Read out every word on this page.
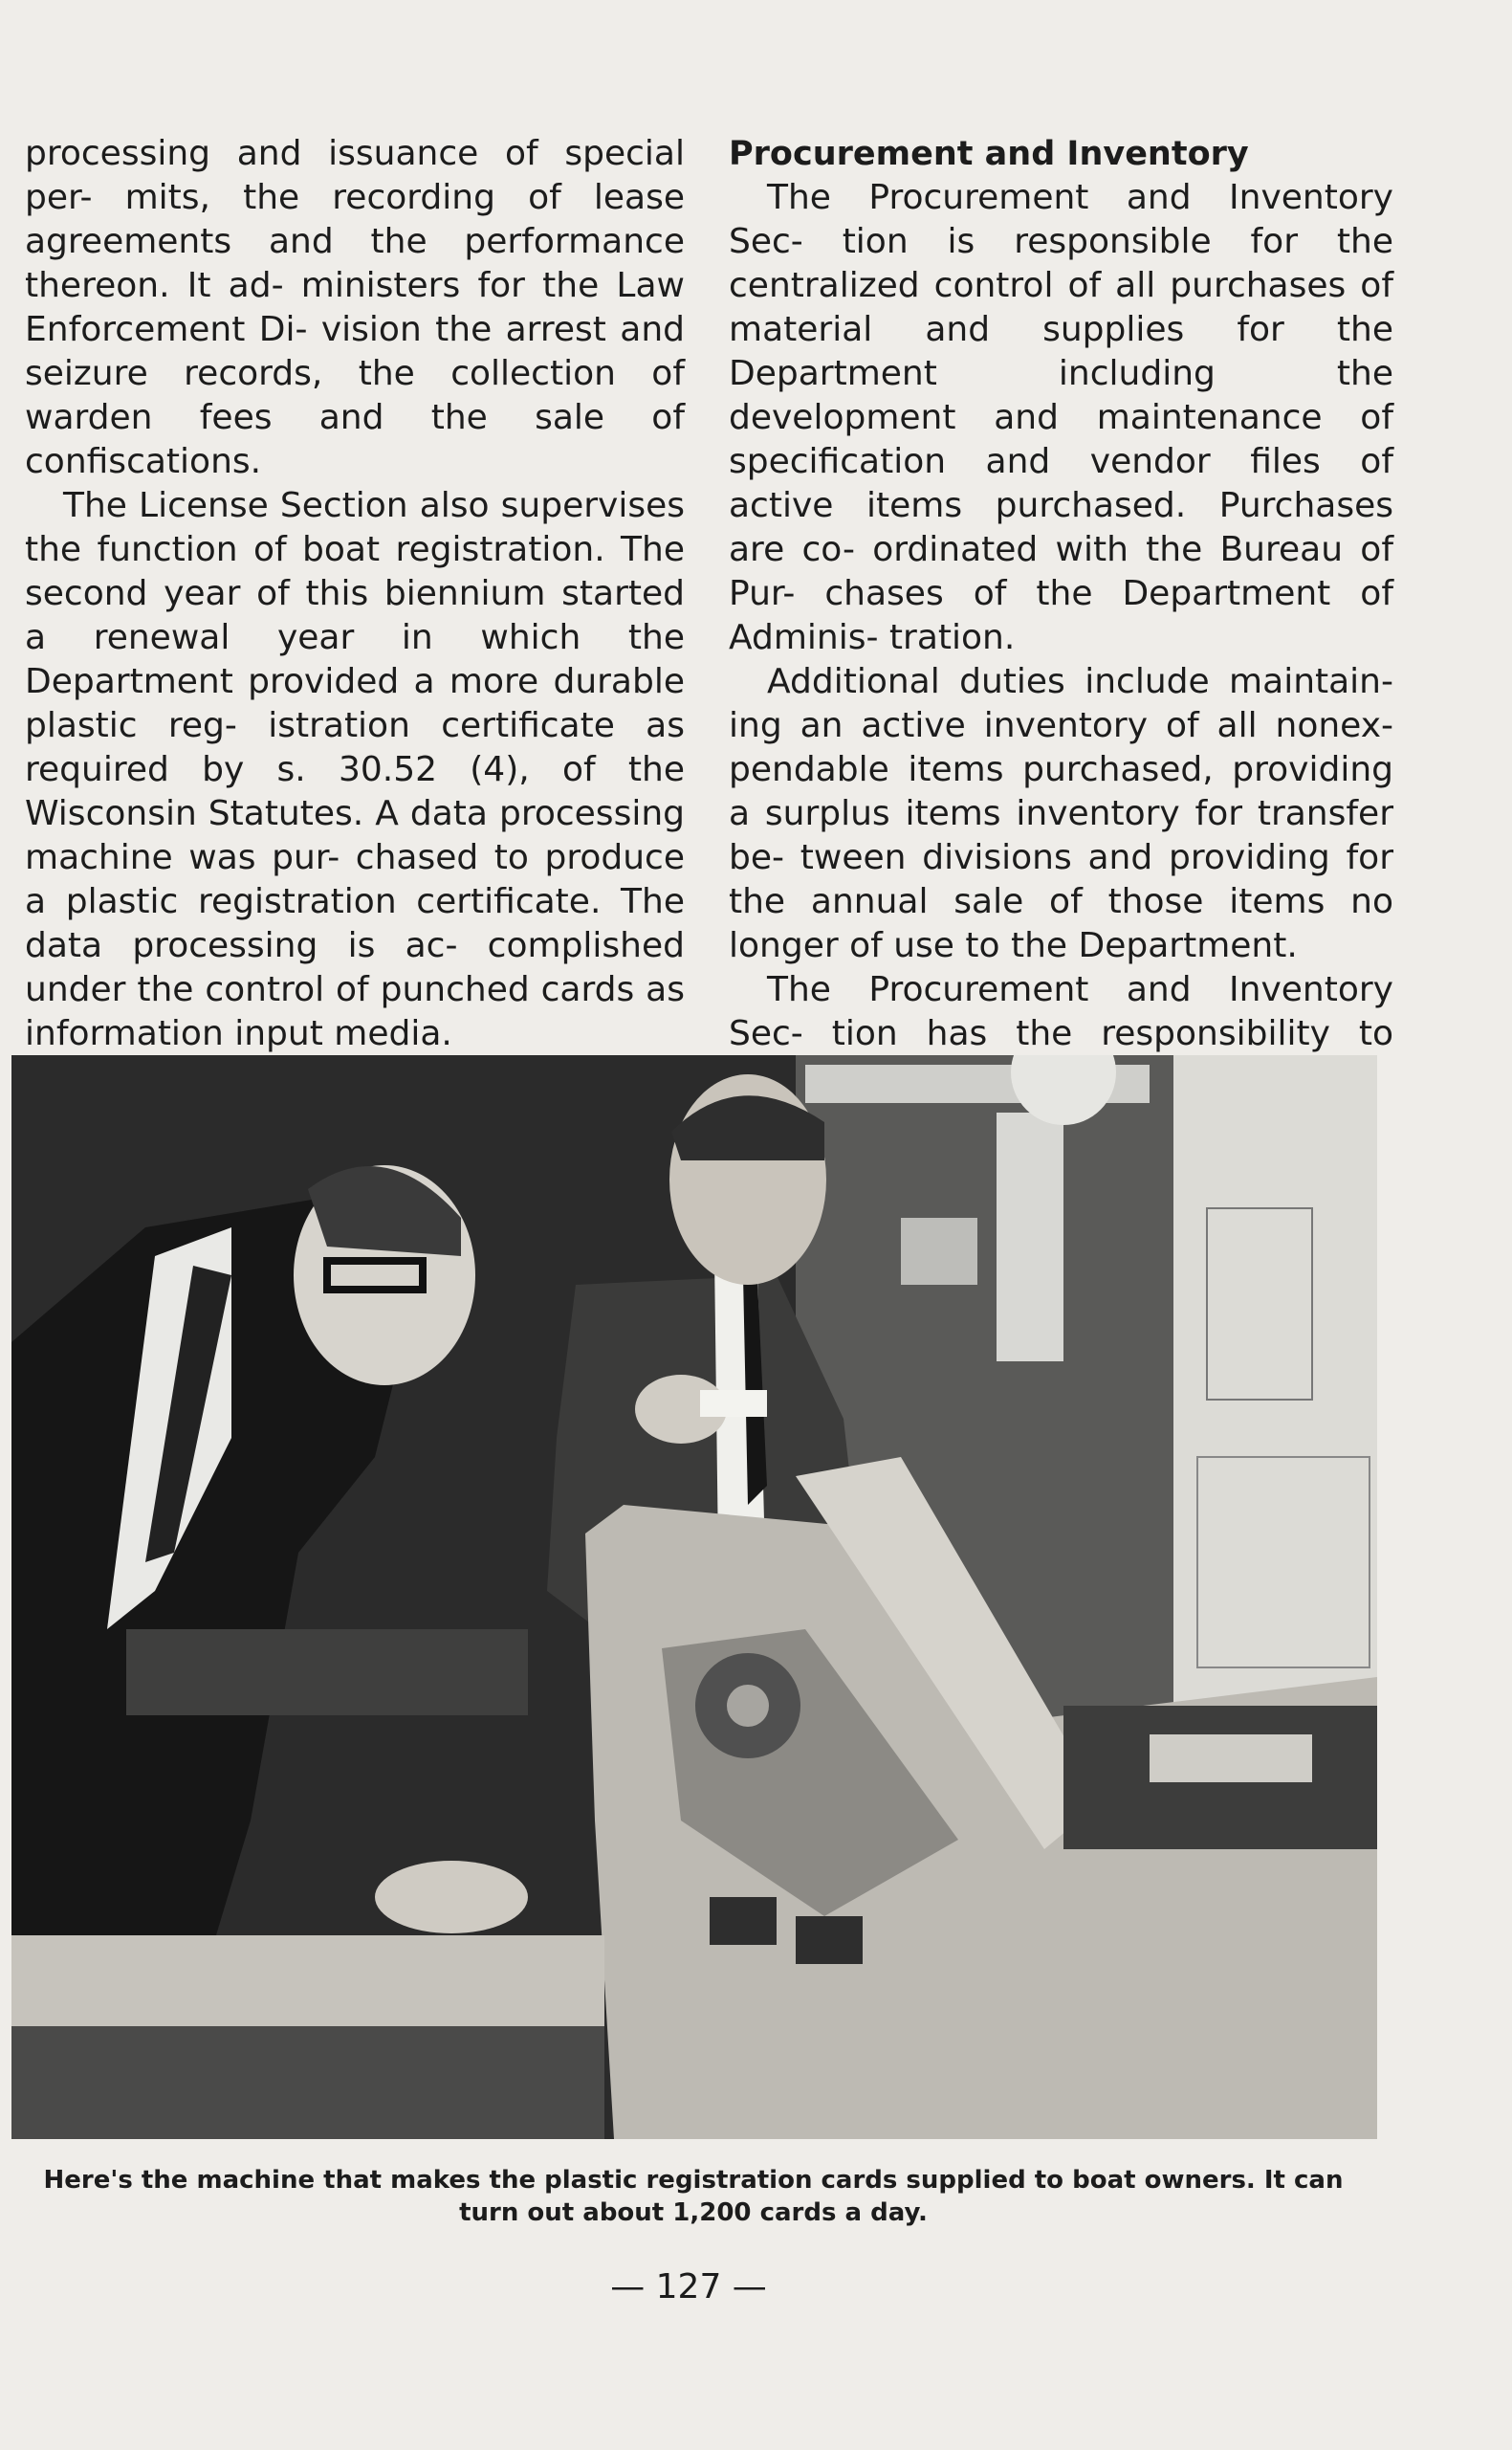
processing and issuance of special per- mits, the recording of lease agreements and the performance thereon. It ad- ministers for the Law Enforcement Di- vision the arrest and seizure records, the collection of warden fees and the sale of confiscations.

The License Section also supervises the function of boat registration. The second year of this biennium started a renewal year in which the Department provided a more durable plastic reg- istration certificate as required by s. 30.52 (4), of the Wisconsin Statutes. A data processing machine was pur- chased to produce a plastic registration certificate. The data processing is ac- complished under the control of punched cards as information input media.

Procurement and Inventory

The Procurement and Inventory Sec- tion is responsible for the centralized control of all purchases of material and supplies for the Department including the development and maintenance of specification and vendor files of active items purchased. Purchases are co- ordinated with the Bureau of Pur- chases of the Department of Adminis- tration.

Additional duties include maintain- ing an active inventory of all nonex- pendable items purchased, providing a surplus items inventory for transfer be- tween divisions and providing for the annual sale of those items no longer of use to the Department.

The Procurement and Inventory Sec- tion has the responsibility to

Here's the machine that makes the plastic registration cards supplied to boat owners. It can turn out about 1,200 cards a day.
— 127 —
